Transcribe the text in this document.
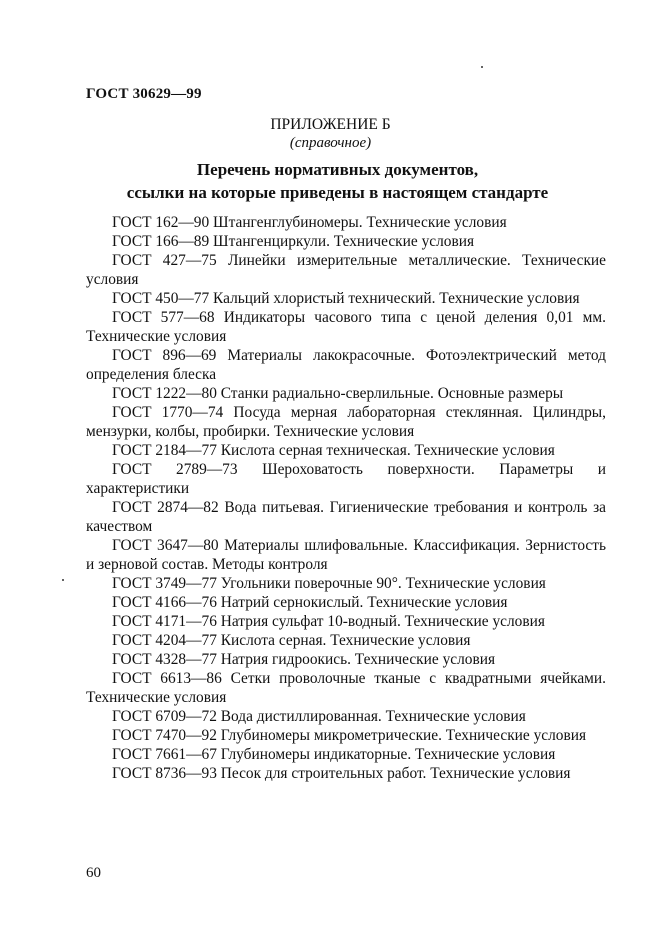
ГОСТ 30629—99
ПРИЛОЖЕНИЕ Б
(справочное)
Перечень нормативных документов,
ссылки на которые приведены в настоящем стандарте

ГОСТ 162—90 Штангенглубиномеры. Технические условия

ГОСТ 166—89 Штангенциркули. Технические условия

ГОСТ 427—75 Линейки измерительные металлические. Технические условия

ГОСТ 450—77 Кальций хлористый технический. Технические условия

ГОСТ 577—68 Индикаторы часового типа с ценой деления 0,01 мм. Технические условия

ГОСТ 896—69 Материалы лакокрасочные. Фотоэлектрический метод определения блеска

ГОСТ 1222—80 Станки радиально-сверлильные. Основные размеры

ГОСТ 1770—74 Посуда мерная лабораторная стеклянная. Цилиндры, мензурки, колбы, пробирки. Технические условия

ГОСТ 2184—77 Кислота серная техническая. Технические условия

ГОСТ 2789—73 Шероховатость поверхности. Параметры и характеристики

ГОСТ 2874—82 Вода питьевая. Гигиенические требования и контроль за качеством

ГОСТ 3647—80 Материалы шлифовальные. Классификация. Зернистость и зерновой состав. Методы контроля

ГОСТ 3749—77 Угольники поверочные 90°. Технические условия

ГОСТ 4166—76 Натрий сернокислый. Технические условия

ГОСТ 4171—76 Натрия сульфат 10-водный. Технические условия

ГОСТ 4204—77 Кислота серная. Технические условия

ГОСТ 4328—77 Натрия гидроокись. Технические условия

ГОСТ 6613—86 Сетки проволочные тканые с квадратными ячейками. Технические условия

ГОСТ 6709—72 Вода дистиллированная. Технические условия

ГОСТ 7470—92 Глубиномеры микрометрические. Технические условия

ГОСТ 7661—67 Глубиномеры индикаторные. Технические условия

ГОСТ 8736—93 Песок для строительных работ. Технические условия

60
